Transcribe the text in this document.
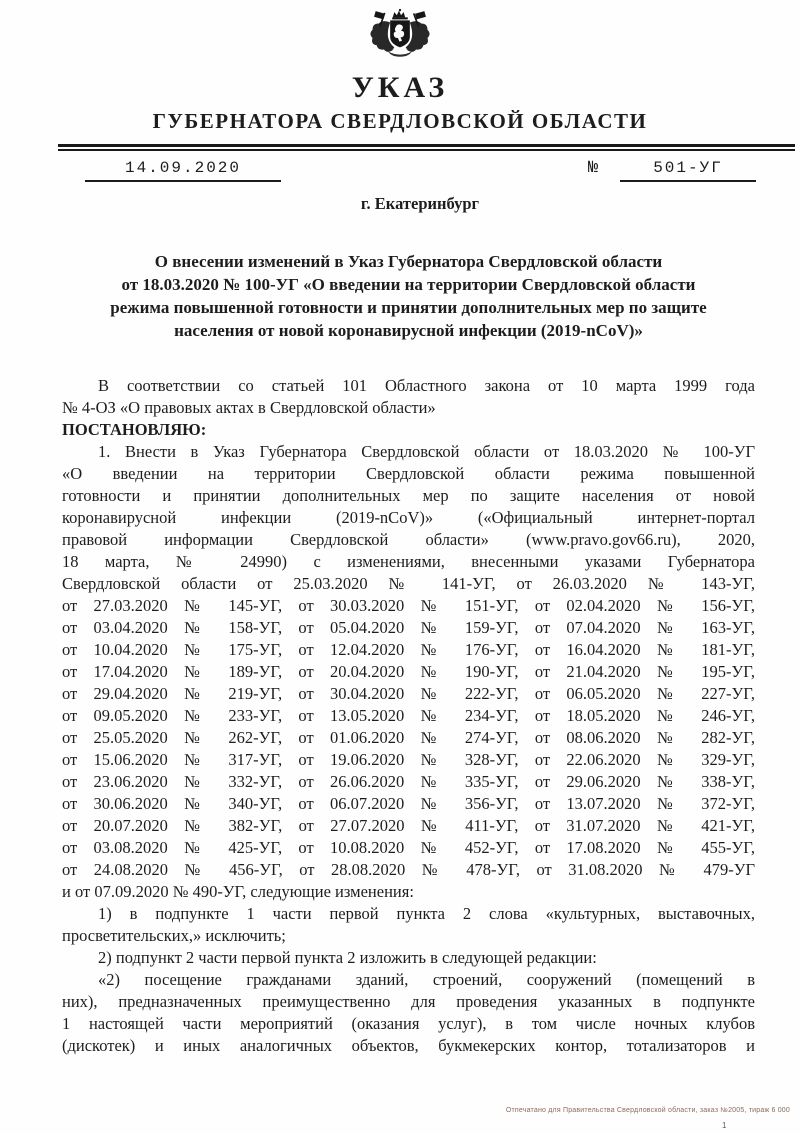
УКАЗ
ГУБЕРНАТОРА СВЕРДЛОВСКОЙ ОБЛАСТИ
14.09.2020	№	501-УГ
г. Екатеринбург
О внесении изменений в Указ Губернатора Свердловской области
от 18.03.2020 № 100-УГ «О введении на территории Свердловской области
режима повышенной готовности и принятии дополнительных мер по защите
населения от новой коронавирусной инфекции (2019-nCoV)»
В соответствии со статьей 101 Областного закона от 10 марта 1999 года
№ 4-ОЗ «О правовых актах в Свердловской области»
ПОСТАНОВЛЯЮ:
1. Внести в Указ Губернатора Свердловской области от 18.03.2020 № 100-УГ
«О введении на территории Свердловской области режима повышенной
готовности и принятии дополнительных мер по защите населения от новой
коронавирусной инфекции (2019-nCoV)» («Официальный интернет-портал
правовой информации Свердловской области» (www.pravo.gov66.ru), 2020,
18 марта, № 24990) с изменениями, внесенными указами Губернатора
Свердловской области от 25.03.2020 № 141-УГ, от 26.03.2020 № 143-УГ,
от 27.03.2020 № 145-УГ, от 30.03.2020 № 151-УГ, от 02.04.2020 № 156-УГ,
от 03.04.2020 № 158-УГ, от 05.04.2020 № 159-УГ, от 07.04.2020 № 163-УГ,
от 10.04.2020 № 175-УГ, от 12.04.2020 № 176-УГ, от 16.04.2020 № 181-УГ,
от 17.04.2020 № 189-УГ, от 20.04.2020 № 190-УГ, от 21.04.2020 № 195-УГ,
от 29.04.2020 № 219-УГ, от 30.04.2020 № 222-УГ, от 06.05.2020 № 227-УГ,
от 09.05.2020 № 233-УГ, от 13.05.2020 № 234-УГ, от 18.05.2020 № 246-УГ,
от 25.05.2020 № 262-УГ, от 01.06.2020 № 274-УГ, от 08.06.2020 № 282-УГ,
от 15.06.2020 № 317-УГ, от 19.06.2020 № 328-УГ, от 22.06.2020 № 329-УГ,
от 23.06.2020 № 332-УГ, от 26.06.2020 № 335-УГ, от 29.06.2020 № 338-УГ,
от 30.06.2020 № 340-УГ, от 06.07.2020 № 356-УГ, от 13.07.2020 № 372-УГ,
от 20.07.2020 № 382-УГ, от 27.07.2020 № 411-УГ, от 31.07.2020 № 421-УГ,
от 03.08.2020 № 425-УГ, от 10.08.2020 № 452-УГ, от 17.08.2020 № 455-УГ,
от 24.08.2020 № 456-УГ, от 28.08.2020 № 478-УГ, от 31.08.2020 № 479-УГ
и от 07.09.2020 № 490-УГ, следующие изменения:
1) в подпункте 1 части первой пункта 2 слова «культурных, выставочных,
просветительских,» исключить;
2) подпункт 2 части первой пункта 2 изложить в следующей редакции:
«2) посещение гражданами зданий, строений, сооружений (помещений в
них), предназначенных преимущественно для проведения указанных в подпункте
1 настоящей части мероприятий (оказания услуг), в том числе ночных клубов
(дискотек) и иных аналогичных объектов, букмекерских контор, тотализаторов и
Отпечатано для Правительства Свердловской области, заказ №2005, тираж 6 000
1
